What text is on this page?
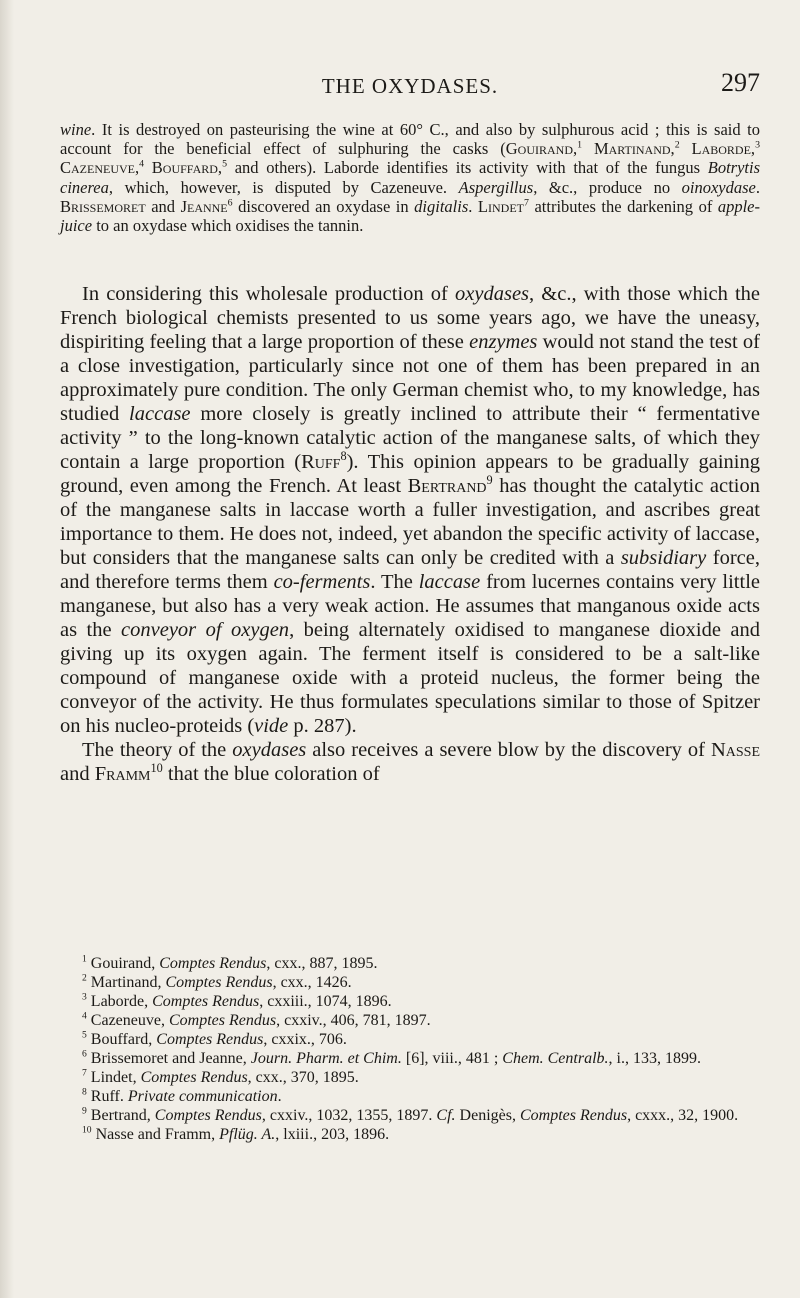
THE OXYDASES.	297

wine. It is destroyed on pasteurising the wine at 60° C., and also by sulphurous acid ; this is said to account for the beneficial effect of sulphuring the casks (Gouirand,$^1$ Martinand,$^2$ Laborde,$^3$ Cazeneuve,$^4$ Bouffard,$^5$ and others). Laborde identifies its activity with that of the fungus Botrytis cinerea, which, however, is disputed by Cazeneuve. Aspergillus, &c., produce no oinoxydase. Brissemoret and Jeanne$^6$ discovered an oxydase in digitalis. Lindet$^7$ attributes the darkening of apple-juice to an oxydase which oxidises the tannin.

In considering this wholesale production of oxydases, &c., with those which the French biological chemists presented to us some years ago, we have the uneasy, dispiriting feeling that a large proportion of these enzymes would not stand the test of a close investigation, particularly since not one of them has been prepared in an approximately pure condition. The only German chemist who, to my knowledge, has studied laccase more closely is greatly inclined to attribute their “ fermentative activity ” to the long-known catalytic action of the manganese salts, of which they contain a large proportion (Ruff$^8$). This opinion appears to be gradually gaining ground, even among the French. At least Bertrand$^9$ has thought the catalytic action of the manganese salts in laccase worth a fuller investigation, and ascribes great importance to them. He does not, indeed, yet abandon the specific activity of laccase, but considers that the manganese salts can only be credited with a subsidiary force, and therefore terms them co-ferments. The laccase from lucernes contains very little manganese, but also has a very weak action. He assumes that manganous oxide acts as the conveyor of oxygen, being alternately oxidised to manganese dioxide and giving up its oxygen again. The ferment itself is considered to be a salt-like compound of manganese oxide with a proteid nucleus, the former being the conveyor of the activity. He thus formulates speculations similar to those of Spitzer on his nucleo-proteids (vide p. 287).

The theory of the oxydases also receives a severe blow by the discovery of Nasse and Framm$^{10}$ that the blue coloration of

$^1$ Gouirand, Comptes Rendus, cxx., 887, 1895.

$^2$ Martinand, Comptes Rendus, cxx., 1426.

$^3$ Laborde, Comptes Rendus, cxxiii., 1074, 1896.

$^4$ Cazeneuve, Comptes Rendus, cxxiv., 406, 781, 1897.

$^5$ Bouffard, Comptes Rendus, cxxix., 706.

$^6$ Brissemoret and Jeanne, Journ. Pharm. et Chim. [6], viii., 481 ; Chem. Centralb., i., 133, 1899.

$^7$ Lindet, Comptes Rendus, cxx., 370, 1895.

$^8$ Ruff. Private communication.

$^9$ Bertrand, Comptes Rendus, cxxiv., 1032, 1355, 1897. Cf. Denigès, Comptes Rendus, cxxx., 32, 1900.

$^{10}$ Nasse and Framm, Pflüg. A., lxiii., 203, 1896.
